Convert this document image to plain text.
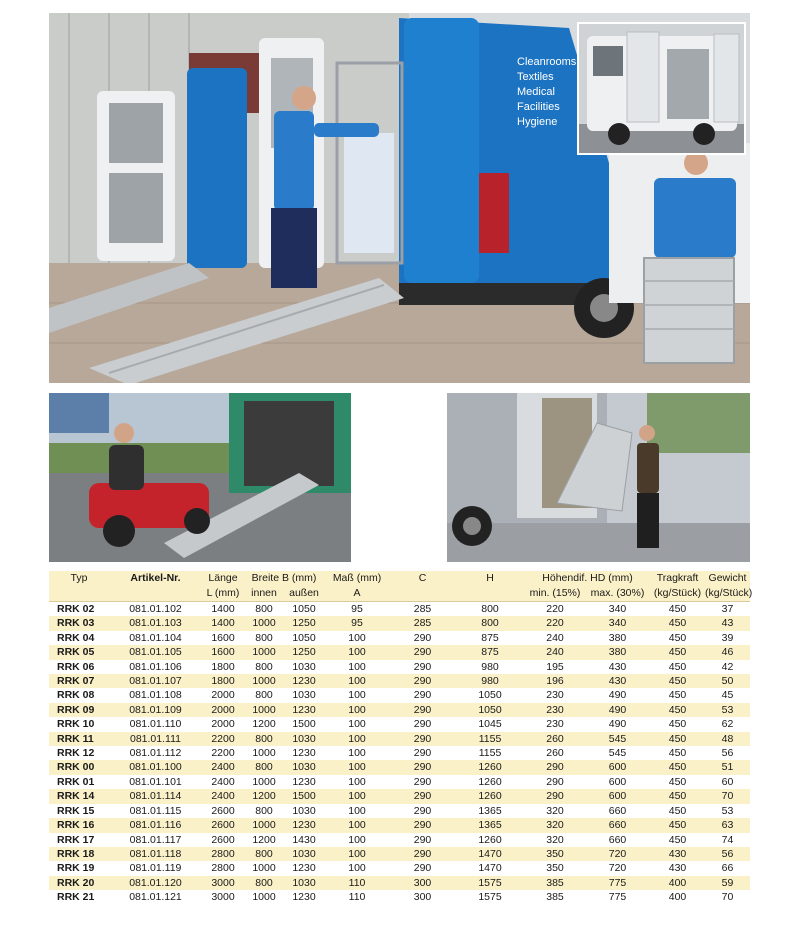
Cleanrooms
Textiles
Medical
Facilities
Hygiene
Typ	Artikel-Nr.	Länge	Breite B (mm)		Maß (mm)	C	H	Höhendif. HD (mm)		Tragkraft	Gewicht
		L (mm)	innen	außen	A			min. (15%)	max. (30%)	(kg/Stück)	(kg/Stück)
RRK 02	081.01.102	1400	800	1050	95	285	800	220	340	450	37
RRK 03	081.01.103	1400	1000	1250	95	285	800	220	340	450	43
RRK 04	081.01.104	1600	800	1050	100	290	875	240	380	450	39
RRK 05	081.01.105	1600	1000	1250	100	290	875	240	380	450	46
RRK 06	081.01.106	1800	800	1030	100	290	980	195	430	450	42
RRK 07	081.01.107	1800	1000	1230	100	290	980	196	430	450	50
RRK 08	081.01.108	2000	800	1030	100	290	1050	230	490	450	45
RRK 09	081.01.109	2000	1000	1230	100	290	1050	230	490	450	53
RRK 10	081.01.110	2000	1200	1500	100	290	1045	230	490	450	62
RRK 11	081.01.111	2200	800	1030	100	290	1155	260	545	450	48
RRK 12	081.01.112	2200	1000	1230	100	290	1155	260	545	450	56
RRK 00	081.01.100	2400	800	1030	100	290	1260	290	600	450	51
RRK 01	081.01.101	2400	1000	1230	100	290	1260	290	600	450	60
RRK 14	081.01.114	2400	1200	1500	100	290	1260	290	600	450	70
RRK 15	081.01.115	2600	800	1030	100	290	1365	320	660	450	53
RRK 16	081.01.116	2600	1000	1230	100	290	1365	320	660	450	63
RRK 17	081.01.117	2600	1200	1430	100	290	1260	320	660	450	74
RRK 18	081.01.118	2800	800	1030	100	290	1470	350	720	430	56
RRK 19	081.01.119	2800	1000	1230	100	290	1470	350	720	430	66
RRK 20	081.01.120	3000	800	1030	110	300	1575	385	775	400	59
RRK 21	081.01.121	3000	1000	1230	110	300	1575	385	775	400	70
